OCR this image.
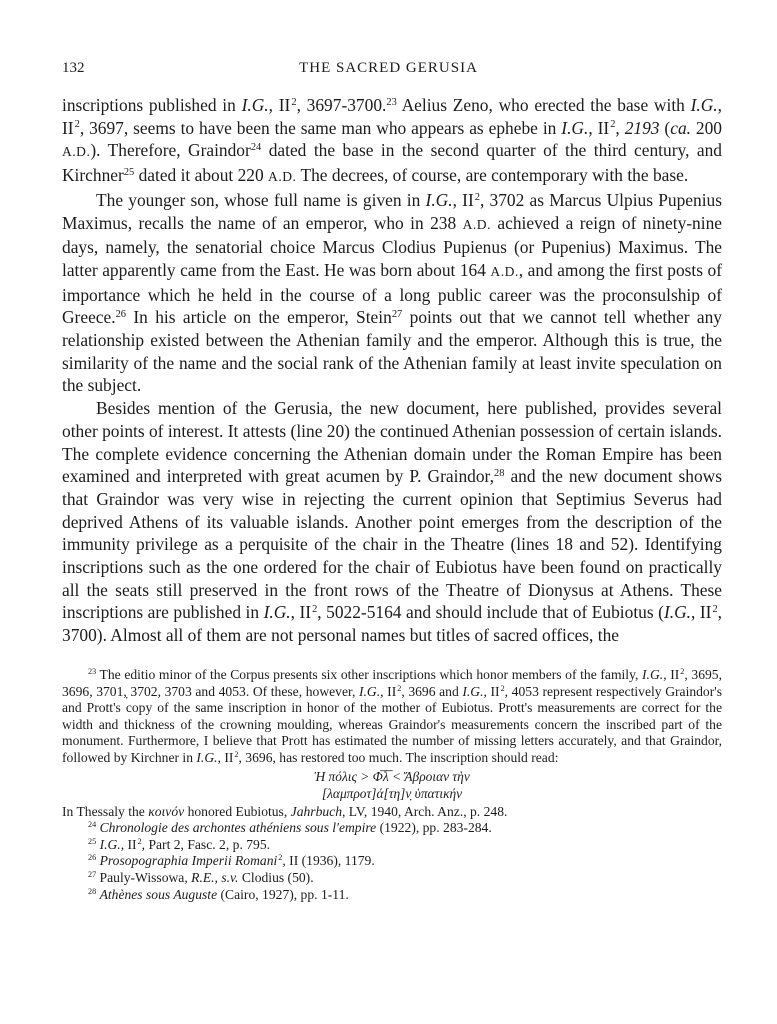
132	THE SACRED GERUSIA

inscriptions published in I.G., $II^2$, 3697-3700.23 Aelius Zeno, who erected the base with I.G., $II^2$, 3697, seems to have been the same man who appears as ephebe in I.G., $II^2$, 2193 (ca. 200 A.D.). Therefore, Graindor$^{24}$ dated the base in the second quarter of the third century, and Kirchner$^{25}$ dated it about 220 A.D. The decrees, of course, are contemporary with the base.

The younger son, whose full name is given in I.G., $II^2$, 3702 as Marcus Ulpius Pupenius Maximus, recalls the name of an emperor, who in 238 A.D. achieved a reign of ninety-nine days, namely, the senatorial choice Marcus Clodius Pupienus (or Pupenius) Maximus. The latter apparently came from the East. He was born about 164 A.D., and among the first posts of importance which he held in the course of a long public career was the proconsulship of Greece.$^{26}$ In his article on the emperor, Stein$^{27}$ points out that we cannot tell whether any relationship existed between the Athenian family and the emperor. Although this is true, the similarity of the name and the social rank of the Athenian family at least invite speculation on the subject.

Besides mention of the Gerusia, the new document, here published, provides several other points of interest. It attests (line 20) the continued Athenian possession of certain islands. The complete evidence concerning the Athenian domain under the Roman Empire has been examined and interpreted with great acumen by P. Graindor,$^{28}$ and the new document shows that Graindor was very wise in rejecting the current opinion that Septimius Severus had deprived Athens of its valuable islands. Another point emerges from the description of the immunity privilege as a perquisite of the chair in the Theatre (lines 18 and 52). Identifying inscriptions such as the one ordered for the chair of Eubiotus have been found on practically all the seats still preserved in the front rows of the Theatre of Dionysus at Athens. These inscriptions are published in I.G., $II^2$, 5022-5164 and should include that of Eubiotus (I.G., $II^2$, 3700). Almost all of them are not personal names but titles of sacred offices, the

$^{23}$ The editio minor of the Corpus presents six other inscriptions which honor members of the family, I.G., $II^2$, 3695, 3696, 3701,̣ 3702, 3703 and 4053. Of these, however, I.G., $II^2$, 3696 and I.G., $II^2$, 4053 represent respectively Graindor's and Prott's copy of the same inscription in honor of the mother of Eubiotus. Prott's measurements are correct for the width and thickness of the crowning moulding, whereas Graindor's measurements concern the inscribed part of the monument. Furthermore, I believe that Prott has estimated the number of missing letters accurately, and that Graindor, followed by Kirchner in I.G., $II^2$, 3696, has restored too much. The inscription should read:

Ἡ πόλις > Φ̅λ̅ < Ἄβροιαν τὴν
[λαμπροτ]ά[τη]ν̣ ὑπατικήν

In Thessaly the κοινόν honored Eubiotus, Jahrbuch, LV, 1940, Arch. Anz., p. 248.

$^{24}$ Chronologie des archontes athéniens sous l'empire (1922), pp. 283-284.

$^{25}$ I.G., $II^2$, Part 2, Fasc. 2, p. 795.

$^{26}$ Prosopographia Imperii Romani$^2$, II (1936), 1179.

$^{27}$ Pauly-Wissowa, R.E., s.v. Clodius (50).

$^{28}$ Athènes sous Auguste (Cairo, 1927), pp. 1-11.
